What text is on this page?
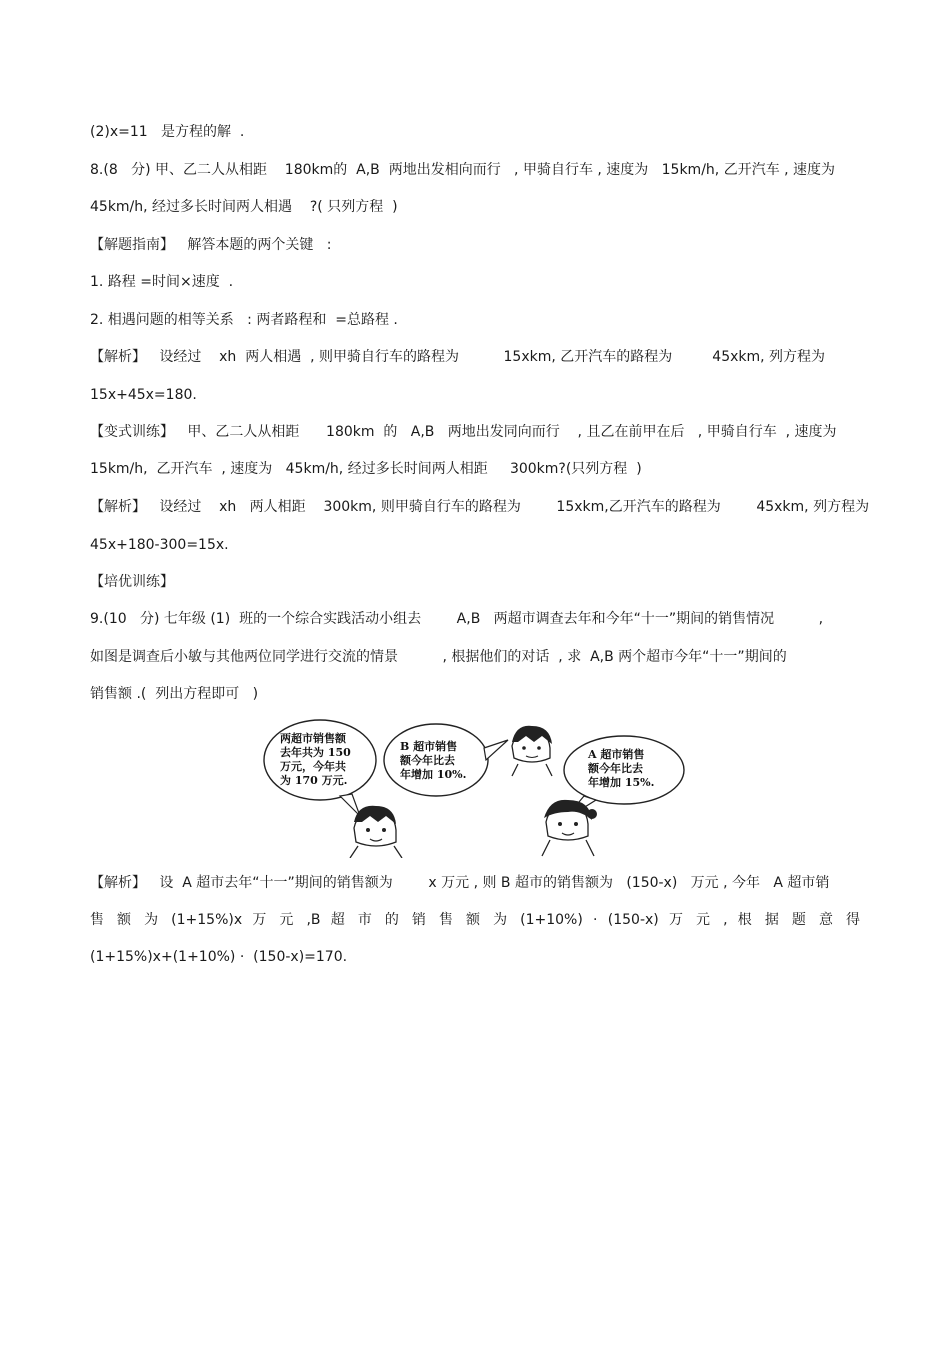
(2)x=11   是方程的解  .
8.(8   分) 甲、乙二人从相距    180km的  A,B  两地出发相向而行   , 甲骑自行车 , 速度为   15km/h, 乙开汽车 , 速度为
45km/h, 经过多长时间两人相遇    ?( 只列方程  )
【解题指南】   解答本题的两个关键   :
1. 路程 =时间×速度  .
2. 相遇问题的相等关系   : 两者路程和  =总路程 .
【解析】   设经过    xh  两人相遇  , 则甲骑自行车的路程为          15xkm, 乙开汽车的路程为         45xkm, 列方程为
15x+45x=180.
【变式训练】   甲、乙二人从相距      180km  的   A,B   两地出发同向而行    , 且乙在前甲在后   , 甲骑自行车  , 速度为
15km/h,  乙开汽车  , 速度为   45km/h, 经过多长时间两人相距     300km?(只列方程  )
【解析】   设经过    xh   两人相距    300km, 则甲骑自行车的路程为        15xkm,乙开汽车的路程为        45xkm, 列方程为
45x+180-300=15x.
【培优训练】
9.(10   分) 七年级 (1)  班的一个综合实践活动小组去        A,B   两超市调查去年和今年“十一”期间的销售情况          ,
如图是调查后小敏与其他两位同学进行交流的情景          , 根据他们的对话  , 求  A,B 两个超市今年“十一”期间的
销售额 .(  列出方程即可   )
两超市销售额
去年共为 150
万元，今年共
为 170 万元.
B 超市销售
额今年比去
年增加 10%.
A 超市销售
额今年比去
年增加 15%.
【解析】   设  A 超市去年“十一”期间的销售额为        x 万元 , 则 B 超市的销售额为   (150-x)   万元 , 今年   A 超市销
售 额 为 (1+15%)x 万 元 ,B 超 市 的 销 售 额 为 (1+10%) · (150-x) 万 元 , 根 据 题 意 得
(1+15%)x+(1+10%) ·  (150-x)=170.
